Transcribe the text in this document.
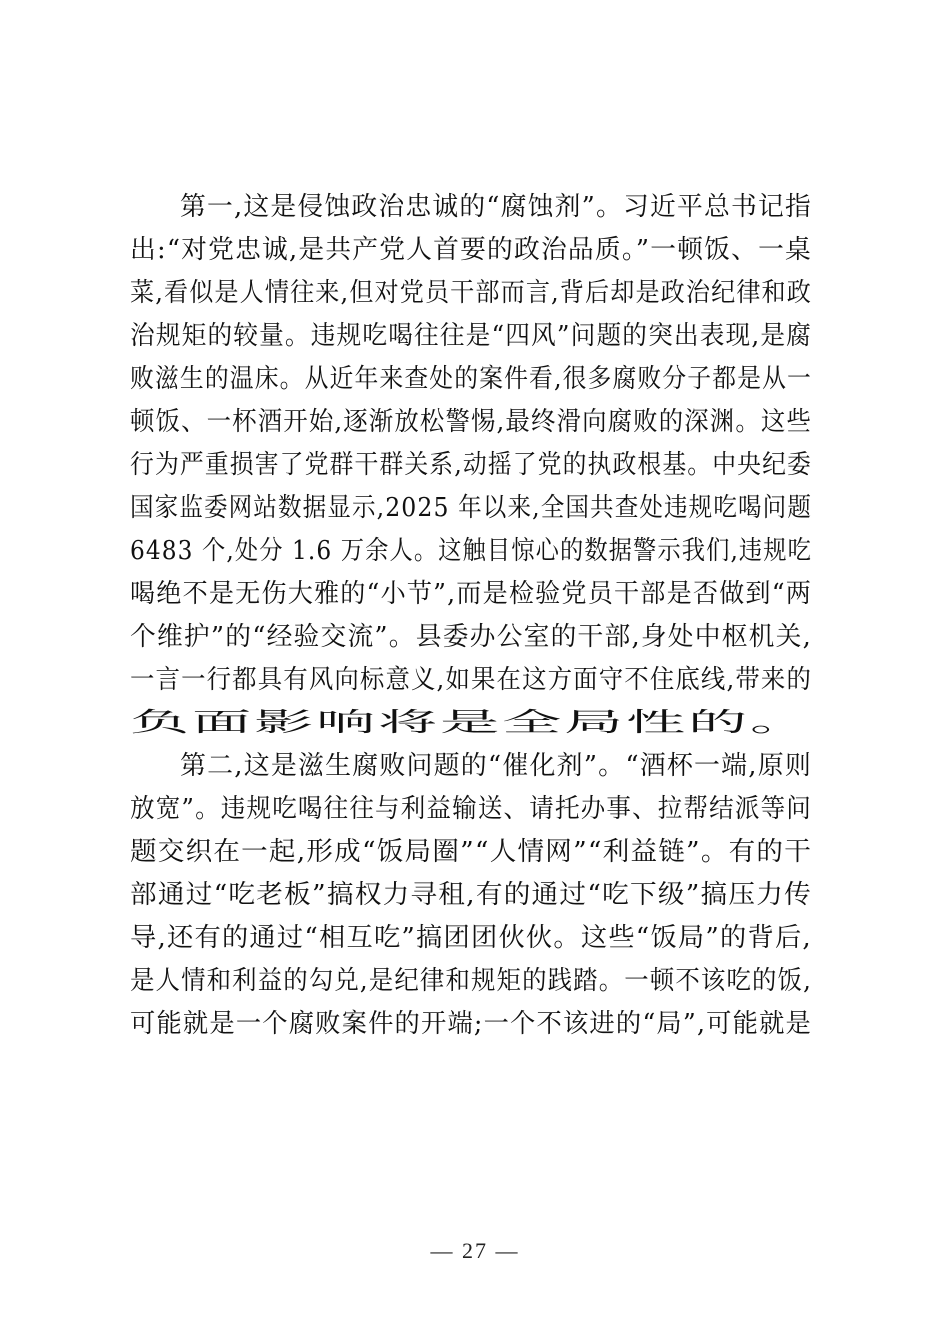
第一,这是侵蚀政治忠诚的“腐蚀剂”。习近平总书记指
出:“对党忠诚,是共产党人首要的政治品质。”一顿饭、一桌
菜,看似是人情往来,但对党员干部而言,背后却是政治纪律和政
治规矩的较量。违规吃喝往往是“四风”问题的突出表现,是腐
败滋生的温床。从近年来查处的案件看,很多腐败分子都是从一
顿饭、一杯酒开始,逐渐放松警惕,最终滑向腐败的深渊。这些
行为严重损害了党群干群关系,动摇了党的执政根基。中央纪委
国家监委网站数据显示,2025 年以来,全国共查处违规吃喝问题
6483 个,处分 1.6 万余人。这触目惊心的数据警示我们,违规吃
喝绝不是无伤大雅的“小节”,而是检验党员干部是否做到“两
个维护”的“经验交流”。县委办公室的干部,身处中枢机关,
一言一行都具有风向标意义,如果在这方面守不住底线,带来的
负面影响将是全局性的。
第二,这是滋生腐败问题的“催化剂”。“酒杯一端,原则
放宽”。违规吃喝往往与利益输送、请托办事、拉帮结派等问
题交织在一起,形成“饭局圈”“人情网”“利益链”。有的干
部通过“吃老板”搞权力寻租,有的通过“吃下级”搞压力传
导,还有的通过“相互吃”搞团团伙伙。这些“饭局”的背后,
是人情和利益的勾兑,是纪律和规矩的践踏。一顿不该吃的饭,
可能就是一个腐败案件的开端;一个不该进的“局”,可能就是
— 27 —
